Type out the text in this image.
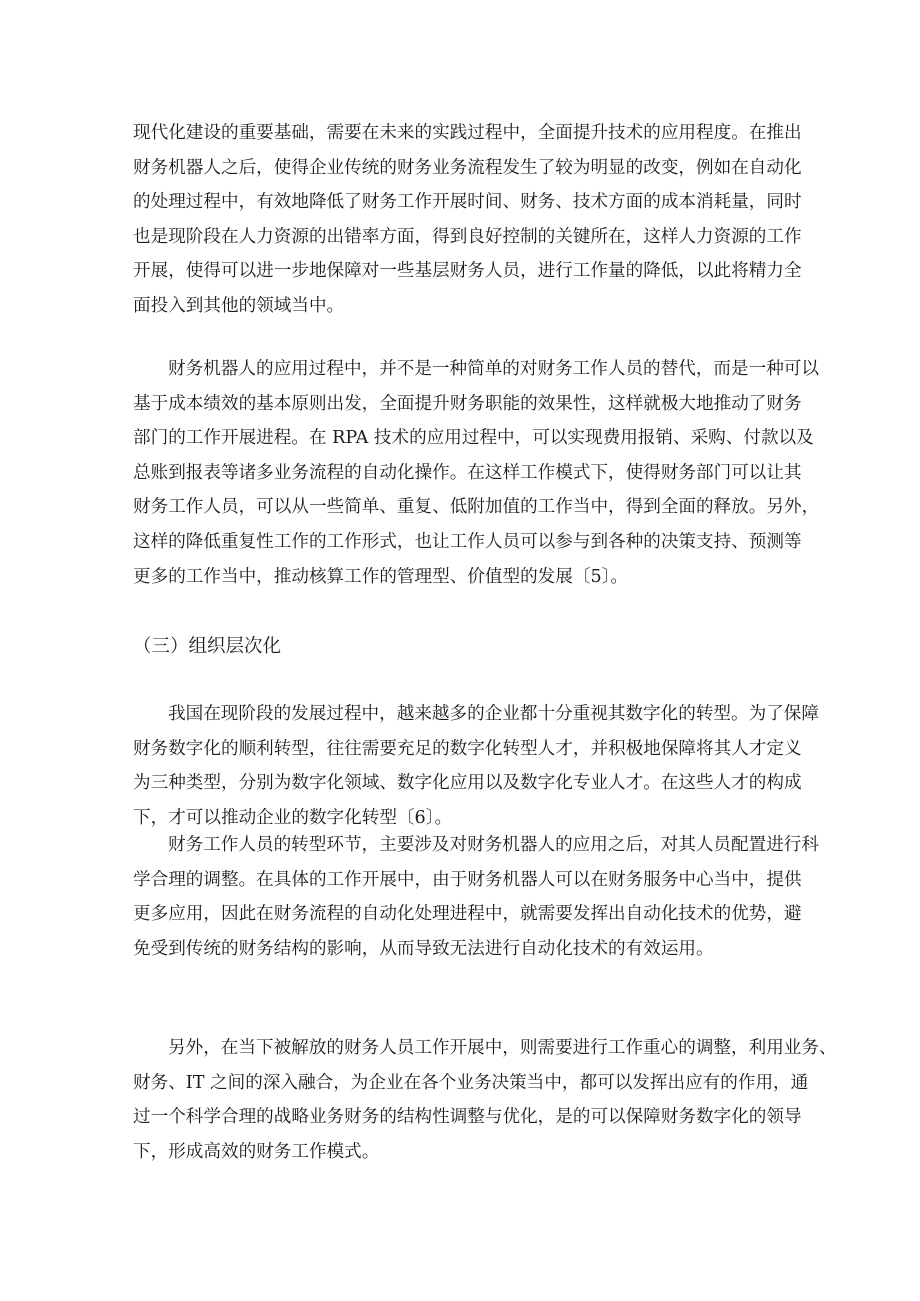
现代化建设的重要基础，需要在未来的实践过程中，全面提升技术的应用程度。在推出
财务机器人之后，使得企业传统的财务业务流程发生了较为明显的改变，例如在自动化
的处理过程中，有效地降低了财务工作开展时间、财务、技术方面的成本消耗量，同时
也是现阶段在人力资源的出错率方面，得到良好控制的关键所在，这样人力资源的工作
开展，使得可以进一步地保障对一些基层财务人员，进行工作量的降低，以此将精力全
面投入到其他的领域当中。
财务机器人的应用过程中，并不是一种简单的对财务工作人员的替代，而是一种可以
基于成本绩效的基本原则出发，全面提升财务职能的效果性，这样就极大地推动了财务
部门的工作开展进程。在 RPA 技术的应用过程中，可以实现费用报销、采购、付款以及
总账到报表等诸多业务流程的自动化操作。在这样工作模式下，使得财务部门可以让其
财务工作人员，可以从一些简单、重复、低附加值的工作当中，得到全面的释放。另外，
这样的降低重复性工作的工作形式，也让工作人员可以参与到各种的决策支持、预测等
更多的工作当中，推动核算工作的管理型、价值型的发展〔5〕。
（三）组织层次化
我国在现阶段的发展过程中，越来越多的企业都十分重视其数字化的转型。为了保障
财务数字化的顺利转型，往往需要充足的数字化转型人才，并积极地保障将其人才定义
为三种类型，分别为数字化领域、数字化应用以及数字化专业人才。在这些人才的构成
下，才可以推动企业的数字化转型〔6〕。
财务工作人员的转型环节，主要涉及对财务机器人的应用之后，对其人员配置进行科
学合理的调整。在具体的工作开展中，由于财务机器人可以在财务服务中心当中，提供
更多应用，因此在财务流程的自动化处理进程中，就需要发挥出自动化技术的优势，避
免受到传统的财务结构的影响，从而导致无法进行自动化技术的有效运用。
另外，在当下被解放的财务人员工作开展中，则需要进行工作重心的调整，利用业务、
财务、IT 之间的深入融合，为企业在各个业务决策当中，都可以发挥出应有的作用，通
过一个科学合理的战略业务财务的结构性调整与优化，是的可以保障财务数字化的领导
下，形成高效的财务工作模式。
